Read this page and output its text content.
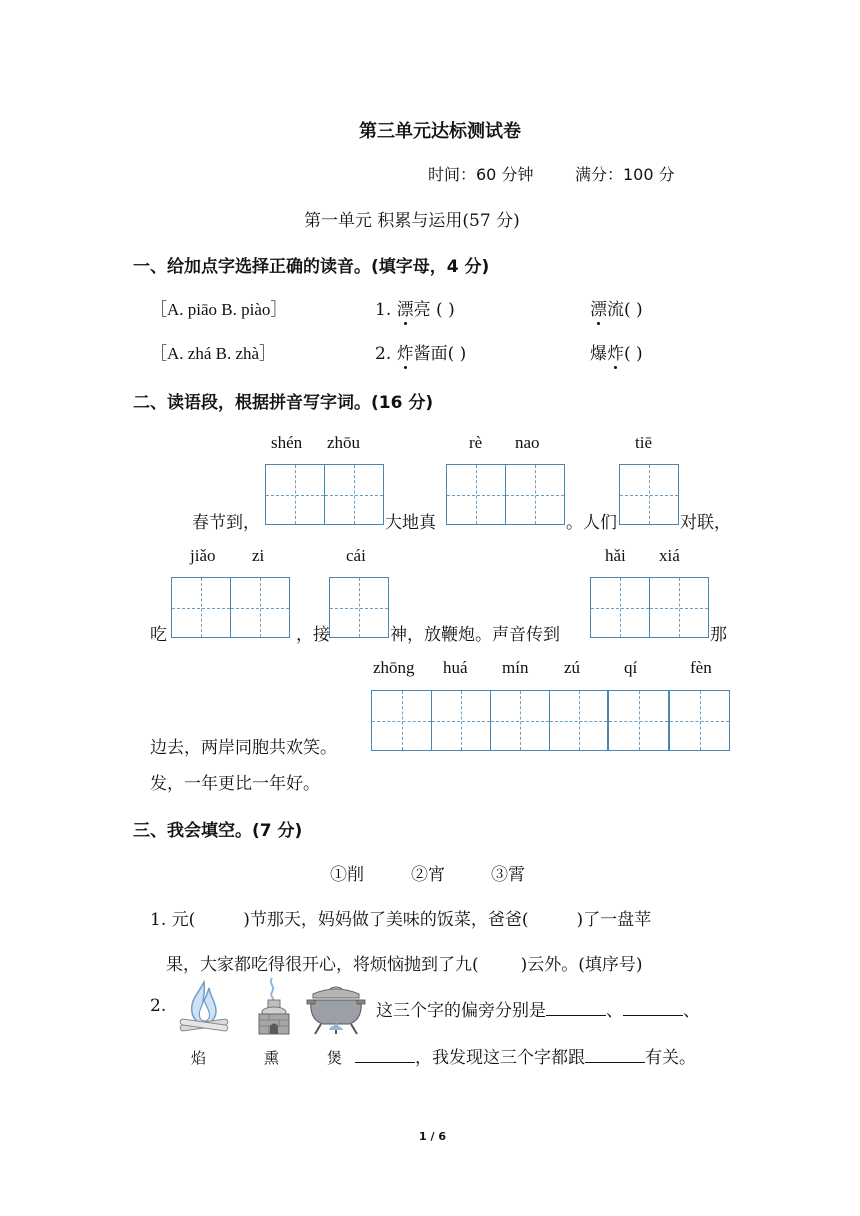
第三单元达标测试卷
时间：60 分钟	满分：100 分
第一单元 积累与运用(57 分)
一、给加点字选择正确的读音。(填字母，4 分)
［A. piāo B. piào］	1. 漂亮 ( )	漂流( )
［A. zhá B. zhà］	2. 炸酱面( )	爆炸( )
二、读语段，根据拼音写字词。(16 分)
shén zhōu	rè nao	tiē
春节到，	大地真	。人们	对联，
jiǎo zi	cái	hǎi xiá
吃	，接	神，放鞭炮。声音传到	那
zhōng huá mín zú	qí	fèn
边去，两岸同胞共欢笑。
发，一年更比一年好。
三、我会填空。(7 分)
①削	②宵	③霄
1. 元(	)节那天，妈妈做了美味的饭菜，爸爸(	)了一盘苹
果，大家都吃得很开心，将烦恼抛到了九( )云外。(填序号)
2.
焰	熏	煲
这三个字的偏旁分别是	、	、
，我发现这三个字都跟	有关。
1 / 6
